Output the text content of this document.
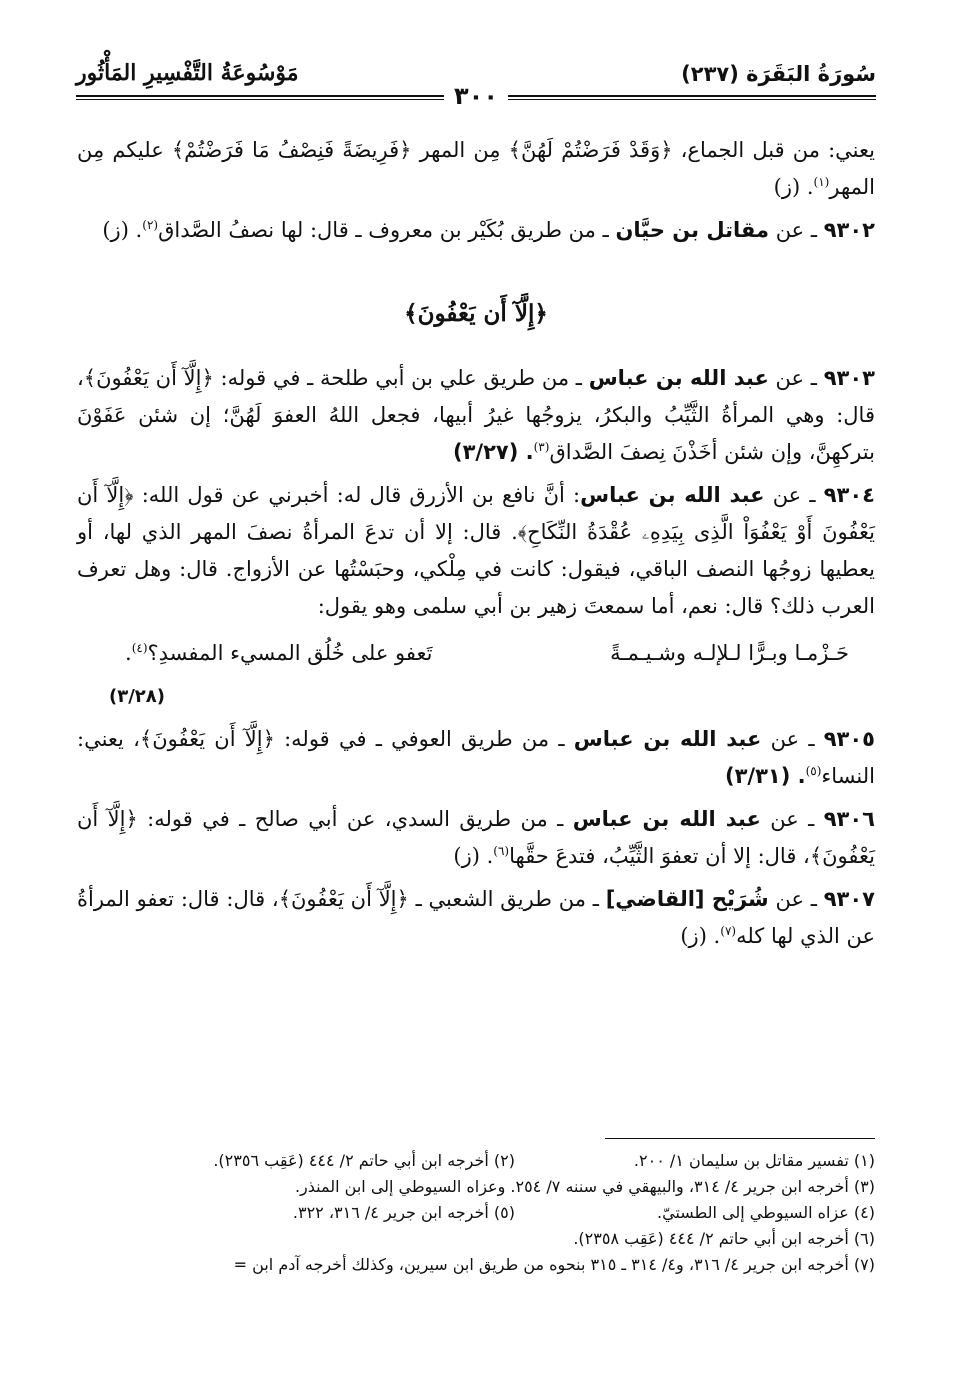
سُورَةُ البَقَرَة (٢٣٧)
٣٠٠
مَوْسُوعَةُ التَّفْسِيرِ المَأْثُور

يعني: من قبل الجماع، ﴿وَقَدْ فَرَضْتُمْ لَهُنَّ﴾ مِن المهر ﴿فَرِيضَةً فَنِصْفُ مَا فَرَضْتُمْ﴾ عليكم مِن المهر$^{(١)}$. (ز)

٩٣٠٢ ـ عن مقاتل بن حيَّان ـ من طريق بُكَيْر بن معروف ـ قال: لها نصفُ الصَّداق$^{(٢)}$. (ز)

﴿إِلَّآ أَن يَعْفُونَ﴾

٩٣٠٣ ـ عن عبد الله بن عباس ـ من طريق علي بن أبي طلحة ـ في قوله: ﴿إِلَّآ أَن يَعْفُونَ﴾، قال: وهي المرأةُ الثَّيِّبُ والبكرُ، يزوجُها غيرُ أبيها، فجعل اللهُ العفوَ لَهُنَّ؛ إن شئن عَفَوْنَ بتركهِنَّ، وإن شئن أخَذْنَ نِصفَ الصَّداق$^{(٣)}$. (٣/٢٧)

٩٣٠٤ ـ عن عبد الله بن عباس: أنَّ نافع بن الأزرق قال له: أخبرني عن قول الله: ﴿إِلَّآ أَن يَعْفُونَ أَوْ يَعْفُوَاْ الَّذِى بِيَدِهِۦ عُقْدَةُ النِّكَاحِ﴾. قال: إلا أن تدعَ المرأةُ نصفَ المهر الذي لها، أو يعطيها زوجُها النصف الباقي، فيقول: كانت في مِلْكي، وحبَسْتُها عن الأزواج. قال: وهل تعرف العرب ذلك؟ قال: نعم، أما سمعتَ زهير بن أبي سلمى وهو يقول:

حَـزْمـا وبـرًّا لـلإلـه وشـيـمـةً
تَعفو على خُلُق المسيء المفسدِ؟$^{(٤)}$.
(٣/٢٨)

٩٣٠٥ ـ عن عبد الله بن عباس ـ من طريق العوفي ـ في قوله: ﴿إِلَّآ أَن يَعْفُونَ﴾، يعني: النساء$^{(٥)}$. (٣/٣١)

٩٣٠٦ ـ عن عبد الله بن عباس ـ من طريق السدي، عن أبي صالح ـ في قوله: ﴿إِلَّآ أَن يَعْفُونَ﴾، قال: إلا أن تعفوَ الثَّيِّبُ، فتدعَ حقَّها$^{(٦)}$. (ز)

٩٣٠٧ ـ عن شُرَيْح [القاضي] ـ من طريق الشعبي ـ ﴿إِلَّآ أَن يَعْفُونَ﴾، قال: قال: تعفو المرأةُ عن الذي لها كله$^{(٧)}$. (ز)

(١) تفسير مقاتل بن سليمان ١/ ٢٠٠.
(٢) أخرجه ابن أبي حاتم ٢/ ٤٤٤ (عَقِب ٢٣٥٦).
(٣) أخرجه ابن جرير ٤/ ٣١٤، والبيهقي في سننه ٧/ ٢٥٤. وعزاه السيوطي إلى ابن المنذر.
(٤) عزاه السيوطي إلى الطستيّ.
(٥) أخرجه ابن جرير ٤/ ٣١٦، ٣٢٢.
(٦) أخرجه ابن أبي حاتم ٢/ ٤٤٤ (عَقِب ٢٣٥٨).
(٧) أخرجه ابن جرير ٤/ ٣١٦، و٤/ ٣١٤ ـ ٣١٥ بنحوه من طريق ابن سيرين، وكذلك أخرجه آدم ابن =
